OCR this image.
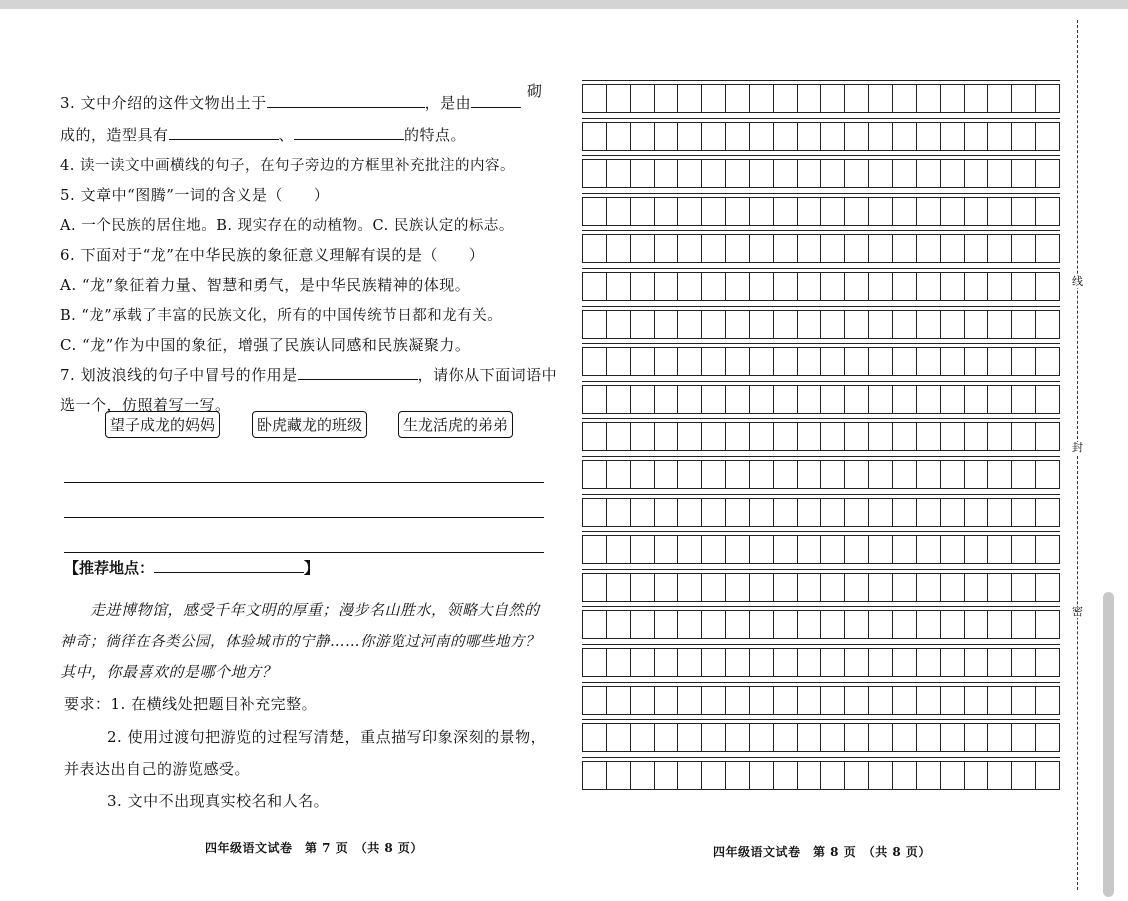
3. 文中介绍的这件文物出土于	，是由
砌
成的，造型具有	、	的特点。
4. 读一读文中画横线的句子，在句子旁边的方框里补充批注的内容。
5. 文章中“图腾”一词的含义是（　　）
A. 一个民族的居住地。B. 现实存在的动植物。C. 民族认定的标志。
6. 下面对于“龙”在中华民族的象征意义理解有误的是（　　）
A. “龙”象征着力量、智慧和勇气，是中华民族精神的体现。
B. “龙”承载了丰富的民族文化，所有的中国传统节日都和龙有关。
C. “龙”作为中国的象征，增强了民族认同感和民族凝聚力。
7. 划波浪线的句子中冒号的作用是	，请你从下面词语中
选一个，仿照着写一写。
望子成龙的妈妈	卧虎藏龙的班级	生龙活虎的弟弟
【推荐地点：	】
走进博物馆，感受千年文明的厚重；漫步名山胜水，领略大自然的
神奇；徜徉在各类公园，体验城市的宁静……你游览过河南的哪些地方？
其中，你最喜欢的是哪个地方？
要求：1. 在横线处把题目补充完整。
2. 使用过渡句把游览的过程写清楚，重点描写印象深刻的景物，
并表达出自己的游览感受。
3. 文中不出现真实校名和人名。
四年级语文试卷　第 7 页　（共 8 页）	四年级语文试卷　第 8 页　（共 8 页）
线
封
密
